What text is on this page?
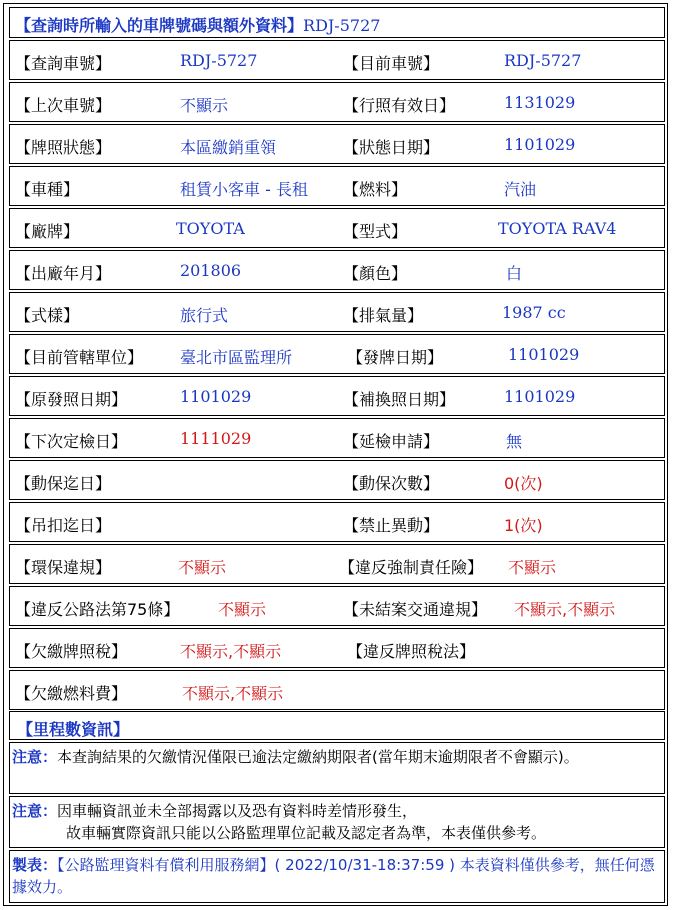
【查詢時所輸入的車牌號碼與額外資料】RDJ-5727
【查詢車號】	RDJ-5727	【目前車號】	RDJ-5727
【上次車號】	不顯示	【行照有效日】	1131029
【牌照狀態】	本區繳銷重領	【狀態日期】	1101029
【車種】	租賃小客車 - 長租 【燃料】	汽油
【廠牌】	TOYOTA	【型式】	TOYOTA RAV4
【出廠年月】	201806	【顏色】	白
【式樣】	旅行式	【排氣量】	1987 cc
【目前管轄單位】 臺北市區監理所	【發牌日期】	1101029
【原發照日期】	1101029	【補換照日期】	1101029
【下次定檢日】	1111029	【延檢申請】	無
【動保迄日】	【動保次數】	0(次)
【吊扣迄日】	【禁止異動】	1(次)
【環保違規】	不顯示	【違反強制責任險】 不顯示
【違反公路法第75條】 不顯示	【未結案交通違規】 不顯示,不顯示
【欠繳牌照稅】	不顯示,不顯示	【違反牌照稅法】
【欠繳燃料費】	不顯示,不顯示
【里程數資訊】
注意：本查詢結果的欠繳情況僅限已逾法定繳納期限者(當年期末逾期限者不會顯示)。
注意：因車輛資訊並未全部揭露以及恐有資料時差情形發生，
故車輛實際資訊只能以公路監理單位記載及認定者為準，本表僅供參考。
製表：【公路監理資料有償利用服務網】( 2022/10/31-18:37:59 ) 本表資料僅供參考，無任何憑據效力。
